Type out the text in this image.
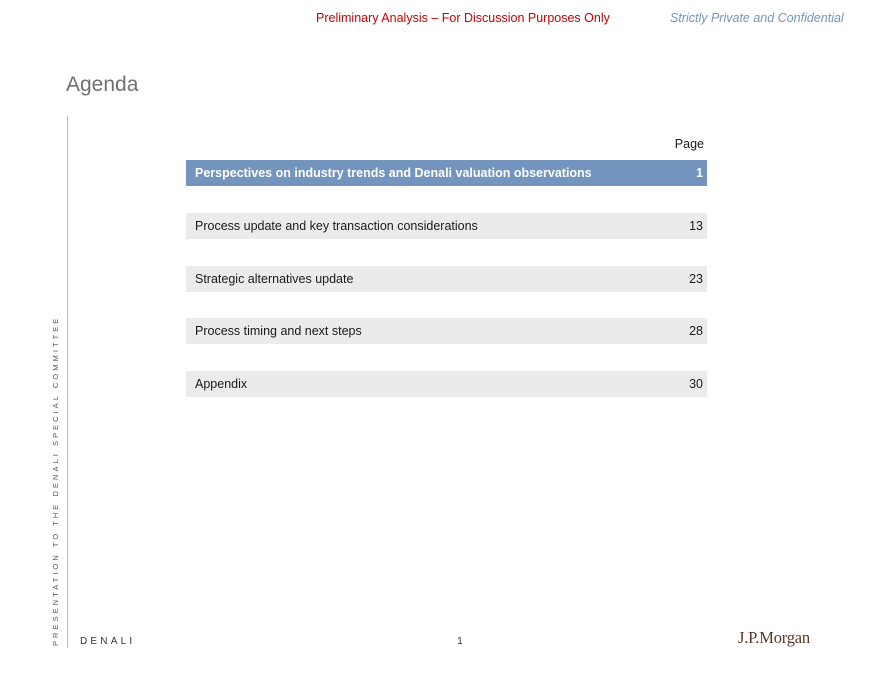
Preliminary Analysis – For Discussion Purposes Only	Strictly Private and Confidential
Agenda
PRESENTATION TO THE DENALI SPECIAL COMMITTEE
Page
Perspectives on industry trends and Denali valuation observations	1
Process update and key transaction considerations	13
Strategic alternatives update	23
Process timing and next steps	28
Appendix	30
DENALI	1	J.P.Morgan
